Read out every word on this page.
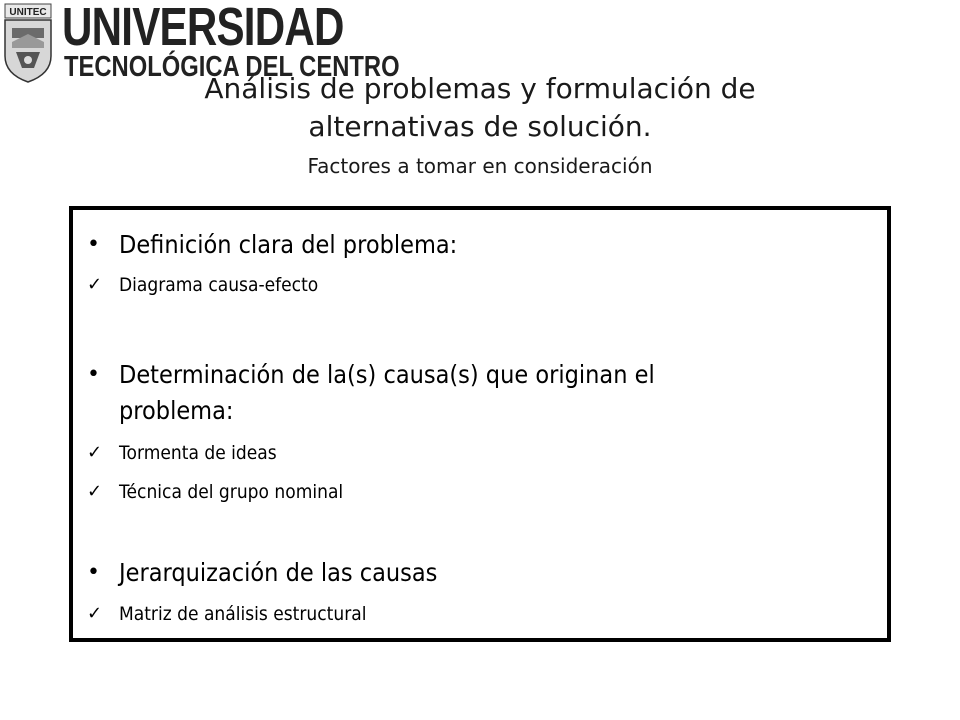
UNITEC UNIVERSIDAD
TECNOLÓGICA DEL CENTRO
Análisis de problemas y formulación de alternativas de solución.
Factores a tomar en consideración
• Definición clara del problema:
✓ Diagrama causa-efecto
• Determinación de la(s) causa(s) que originan el
problema:
✓ Tormenta de ideas
✓ Técnica del grupo nominal
• Jerarquización de las causas
✓ Matriz de análisis estructural
